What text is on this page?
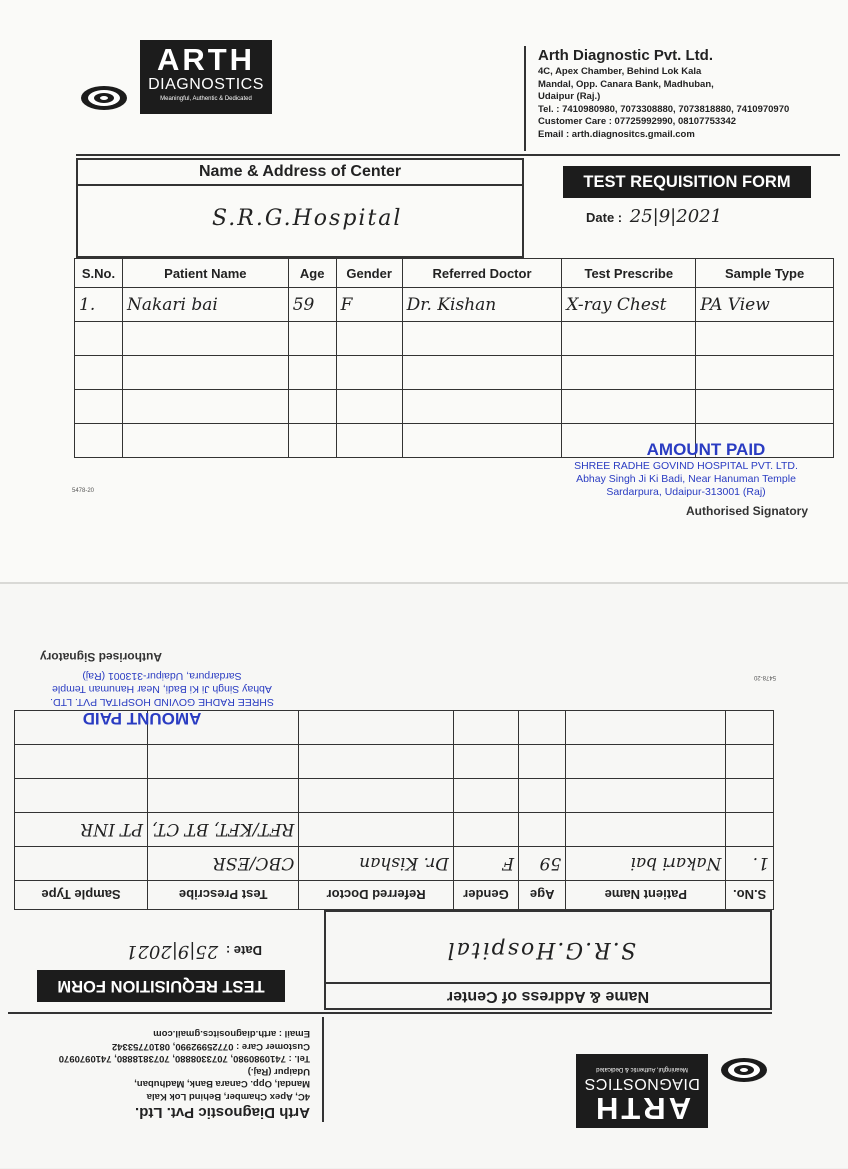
ARTH
DIAGNOSTICS
Meaningful, Authentic & Dedicated
Arth Diagnostic Pvt. Ltd.
4C, Apex Chamber, Behind Lok Kala
Mandal, Opp. Canara Bank, Madhuban,
Udaipur (Raj.)
Tel. : 7410980980, 7073308880, 7073818880, 7410970970
Customer Care : 07725992990, 08107753342
Email : arth.diagnositcs.gmail.com
Name & Address of Center
S.R.G.Hospital
TEST REQUISITION FORM
Date : 25|9|2021
S.No.	Patient Name	Age	Gender	Referred Doctor	Test Prescribe	Sample Type
1.	Nakari bai	59	F	Dr. Kishan	X-ray Chest	PA View

5478-20
AMOUNT PAID
SHREE RADHE GOVIND HOSPITAL PVT. LTD.
Abhay Singh Ji Ki Badi, Near Hanuman Temple
Sardarpura, Udaipur-313001 (Raj)
Authorised Signatory
ARTH
DIAGNOSTICS
Meaningful, Authentic & Dedicated
Arth Diagnostic Pvt. Ltd.
4C, Apex Chamber, Behind Lok Kala
Mandal, Opp. Canara Bank, Madhuban,
Udaipur (Raj.)
Tel. : 7410980980, 7073308880, 7073818880, 7410970970
Customer Care : 07725992990, 08107753342
Email : arth.diagnositcs.gmail.com
Name & Address of Center
S.R.G.Hospital
TEST REQUISITION FORM
Date : 25|9|2021
S.No.	Patient Name	Age	Gender	Referred Doctor	Test Prescribe	Sample Type
1.	Nakari bai	59	F	Dr. Kishan	CBC/ESR	
					RFT/KFT, BT CT,	PT INR

5478-20
AMOUNT PAID
SHREE RADHE GOVIND HOSPITAL PVT. LTD.
Abhay Singh Ji Ki Badi, Near Hanuman Temple
Sardarpura, Udaipur-313001 (Raj)
Authorised Signatory
